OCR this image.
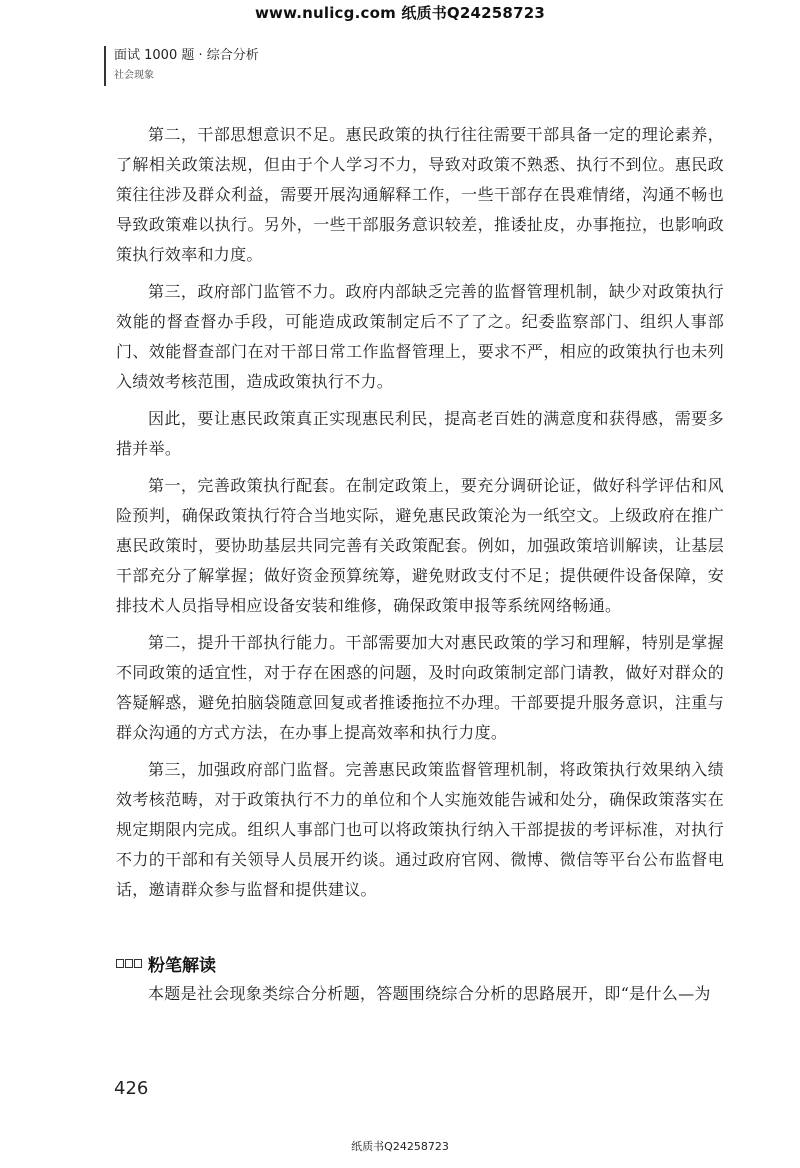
www.nulicg.com 纸质书Q24258723
面试 1000 题 · 综合分析
社会现象

第二，干部思想意识不足。惠民政策的执行往往需要干部具备一定的理论素养，了解相关政策法规，但由于个人学习不力，导致对政策不熟悉、执行不到位。惠民政策往往涉及群众利益，需要开展沟通解释工作，一些干部存在畏难情绪，沟通不畅也导致政策难以执行。另外，一些干部服务意识较差，推诿扯皮，办事拖拉，也影响政策执行效率和力度。

第三，政府部门监管不力。政府内部缺乏完善的监督管理机制，缺少对政策执行效能的督查督办手段，可能造成政策制定后不了了之。纪委监察部门、组织人事部门、效能督查部门在对干部日常工作监督管理上，要求不严，相应的政策执行也未列入绩效考核范围，造成政策执行不力。

因此，要让惠民政策真正实现惠民利民，提高老百姓的满意度和获得感，需要多措并举。

第一，完善政策执行配套。在制定政策上，要充分调研论证，做好科学评估和风险预判，确保政策执行符合当地实际，避免惠民政策沦为一纸空文。上级政府在推广惠民政策时，要协助基层共同完善有关政策配套。例如，加强政策培训解读，让基层干部充分了解掌握；做好资金预算统筹，避免财政支付不足；提供硬件设备保障，安排技术人员指导相应设备安装和维修，确保政策申报等系统网络畅通。

第二，提升干部执行能力。干部需要加大对惠民政策的学习和理解，特别是掌握不同政策的适宜性，对于存在困惑的问题，及时向政策制定部门请教，做好对群众的答疑解惑，避免拍脑袋随意回复或者推诿拖拉不办理。干部要提升服务意识，注重与群众沟通的方式方法，在办事上提高效率和执行力度。

第三，加强政府部门监督。完善惠民政策监督管理机制，将政策执行效果纳入绩效考核范畴，对于政策执行不力的单位和个人实施效能告诫和处分，确保政策落实在规定期限内完成。组织人事部门也可以将政策执行纳入干部提拔的考评标准，对执行不力的干部和有关领导人员展开约谈。通过政府官网、微博、微信等平台公布监督电话，邀请群众参与监督和提供建议。

粉笔解读

本题是社会现象类综合分析题，答题围绕综合分析的思路展开，即“是什么—为

426
纸质书Q24258723
